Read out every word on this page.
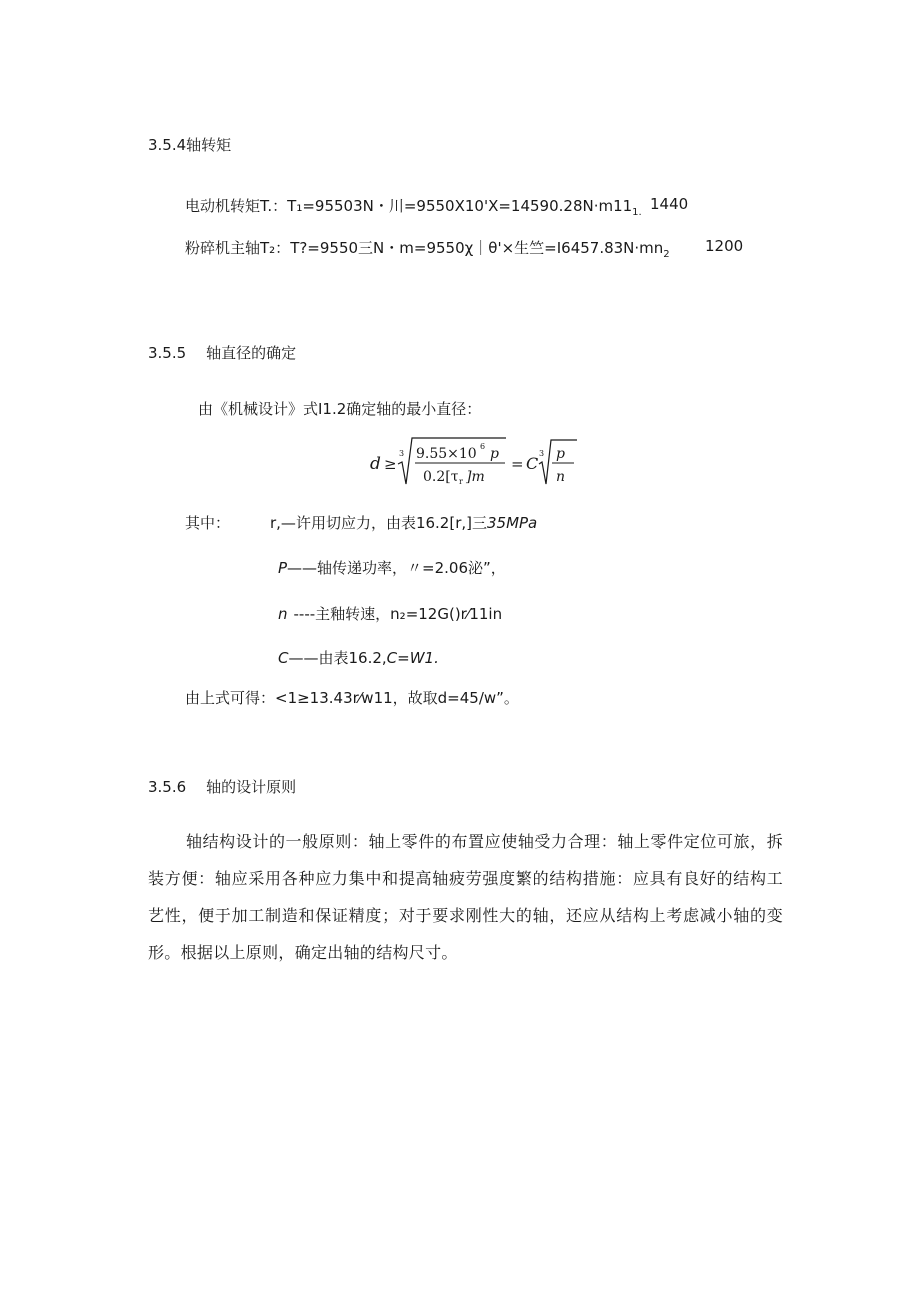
3.5.4轴转矩
电动机转矩T.：T₁=95503N・川$=9550X10'X=14590.28N\cdot m11_{1.}$ 1440
粉碎机主轴T₂：T?=9550三N・m=9550χ｜θ'×生竺$=I6457.83N\cdot mn_2$ 1200
3.5.5 轴直径的确定
由《机械设计》式I1.2确定轴的最小直径：
d ≥
3 9.55×10 6 p
0.2[τ r ]m
= C
3 p
n
其中：	r,—许用切应力，由表16.2[r,]三35MPa
P——轴传递功率，〃=2.06泌”，
n ----主釉转速，n₂=12G()r⁄11in
C——由表16.2,C=W1.
由上式可得：<1≥13.43r⁄w11，故取d=45/w”。
3.5.6 轴的设计原则
轴结构设计的一般原则：轴上零件的布置应使轴受力合理：轴上零件定位可旅，拆装方便：轴应采用各种应力集中和提高轴疲劳强度繁的结构措施：应具有良好的结构工艺性，便于加工制造和保证精度；对于要求刚性大的轴，还应从结构上考虑减小轴的变形。根据以上原则，确定出轴的结构尺寸。
